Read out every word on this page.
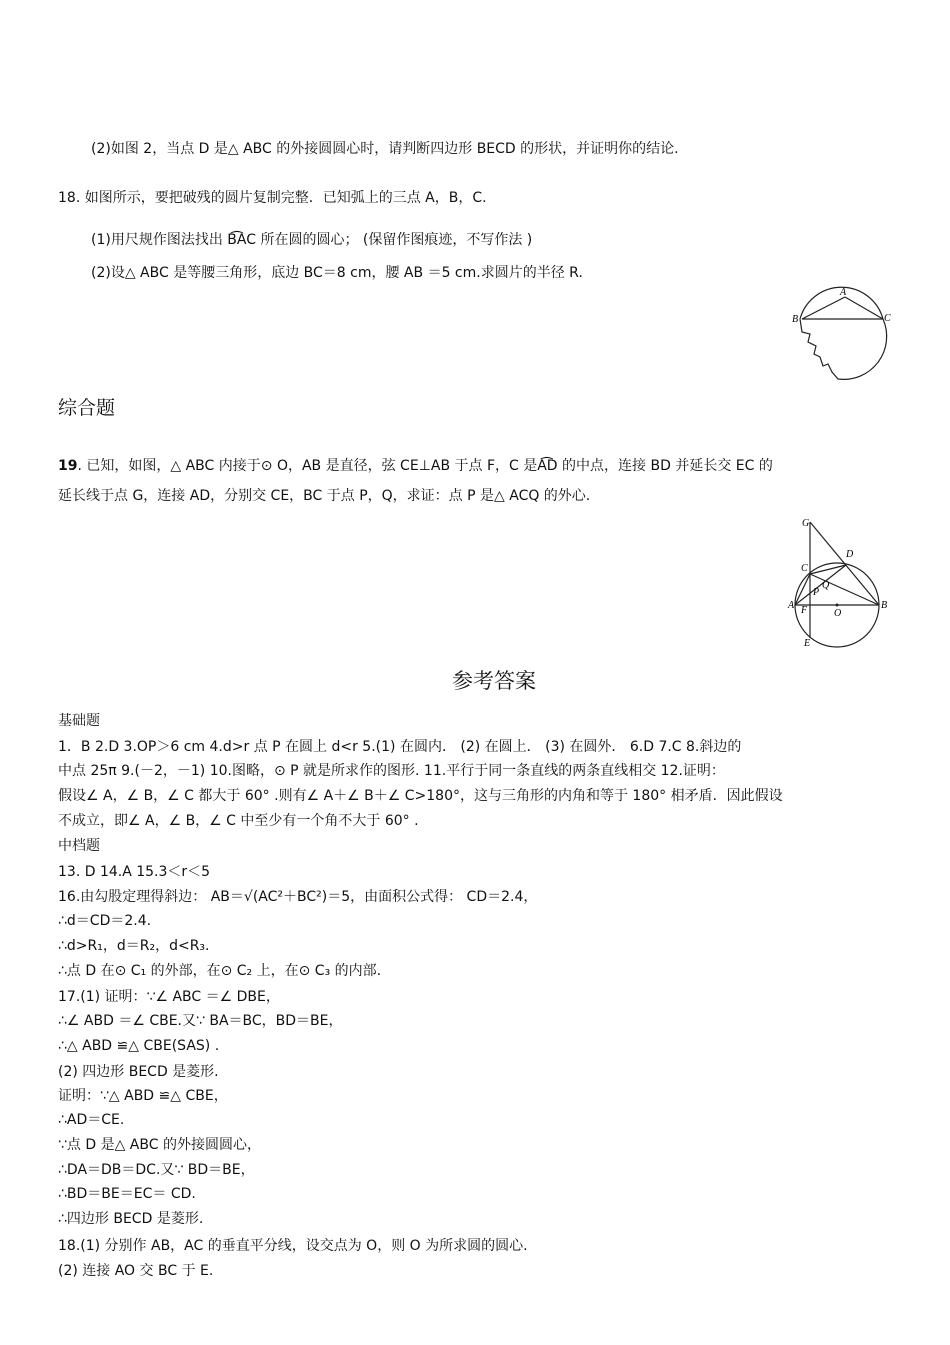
(2)如图 2，当点 D 是△ ABC 的外接圆圆心时，请判断四边形 BECD 的形状，并证明你的结论.
18. 如图所示，要把破残的圆片复制完整．已知弧上的三点 A，B，C.
(1)用尺规作图法找出 B͡AC 所在圆的圆心； (保留作图痕迹，不写作法 )
(2)设△ ABC 是等腰三角形，底边 BC＝8 cm，腰 AB ＝5 cm.求圆片的半径 R.
A
B	C
综合题
19. 已知，如图，△ ABC 内接于⊙ O，AB 是直径，弦 CE⊥AB 于点 F，C 是A͡D 的中点，连接 BD 并延长交 EC 的
延长线于点 G，连接 AD，分别交 CE，BC 于点 P，Q，求证：点 P 是△ ACQ 的外心.
G
D
C
Q
P
A F	O
B
E
参考答案
基础题
1．B 2.D 3.OP＞6 cm 4.d>r 点 P 在圆上 d<r 5.(1) 在圆内． (2) 在圆上． (3) 在圆外． 6.D 7.C 8.斜边的
中点 25π 9.(－2，－1) 10.图略，⊙ P 就是所求作的图形. 11.平行于同一条直线的两条直线相交 12.证明：
假设∠ A，∠ B，∠ C 都大于 60° .则有∠ A＋∠ B＋∠ C>180°，这与三角形的内角和等于 180° 相矛盾．因此假设
不成立，即∠ A，∠ B，∠ C 中至少有一个角不大于 60° .
中档题
13. D 14.A 15.3＜r＜5
16.由勾股定理得斜边： AB＝√(AC²＋BC²)＝5，由面积公式得： CD＝2.4，
∴d＝CD＝2.4.
∴d>R₁，d＝R₂，d<R₃.
∴点 D 在⊙ C₁ 的外部，在⊙ C₂ 上，在⊙ C₃ 的内部.
17.(1) 证明：∵∠ ABC ＝∠ DBE，
∴∠ ABD ＝∠ CBE.又∵ BA＝BC，BD＝BE，
∴△ ABD ≌△ CBE(SAS) .
(2) 四边形 BECD 是菱形.
证明：∵△ ABD ≌△ CBE，
∴AD＝CE.
∵点 D 是△ ABC 的外接圆圆心，
∴DA＝DB＝DC.又∵ BD＝BE，
∴BD＝BE＝EC＝ CD.
∴四边形 BECD 是菱形.
18.(1) 分别作 AB，AC 的垂直平分线，设交点为 O，则 O 为所求圆的圆心.
(2) 连接 AO 交 BC 于 E.
